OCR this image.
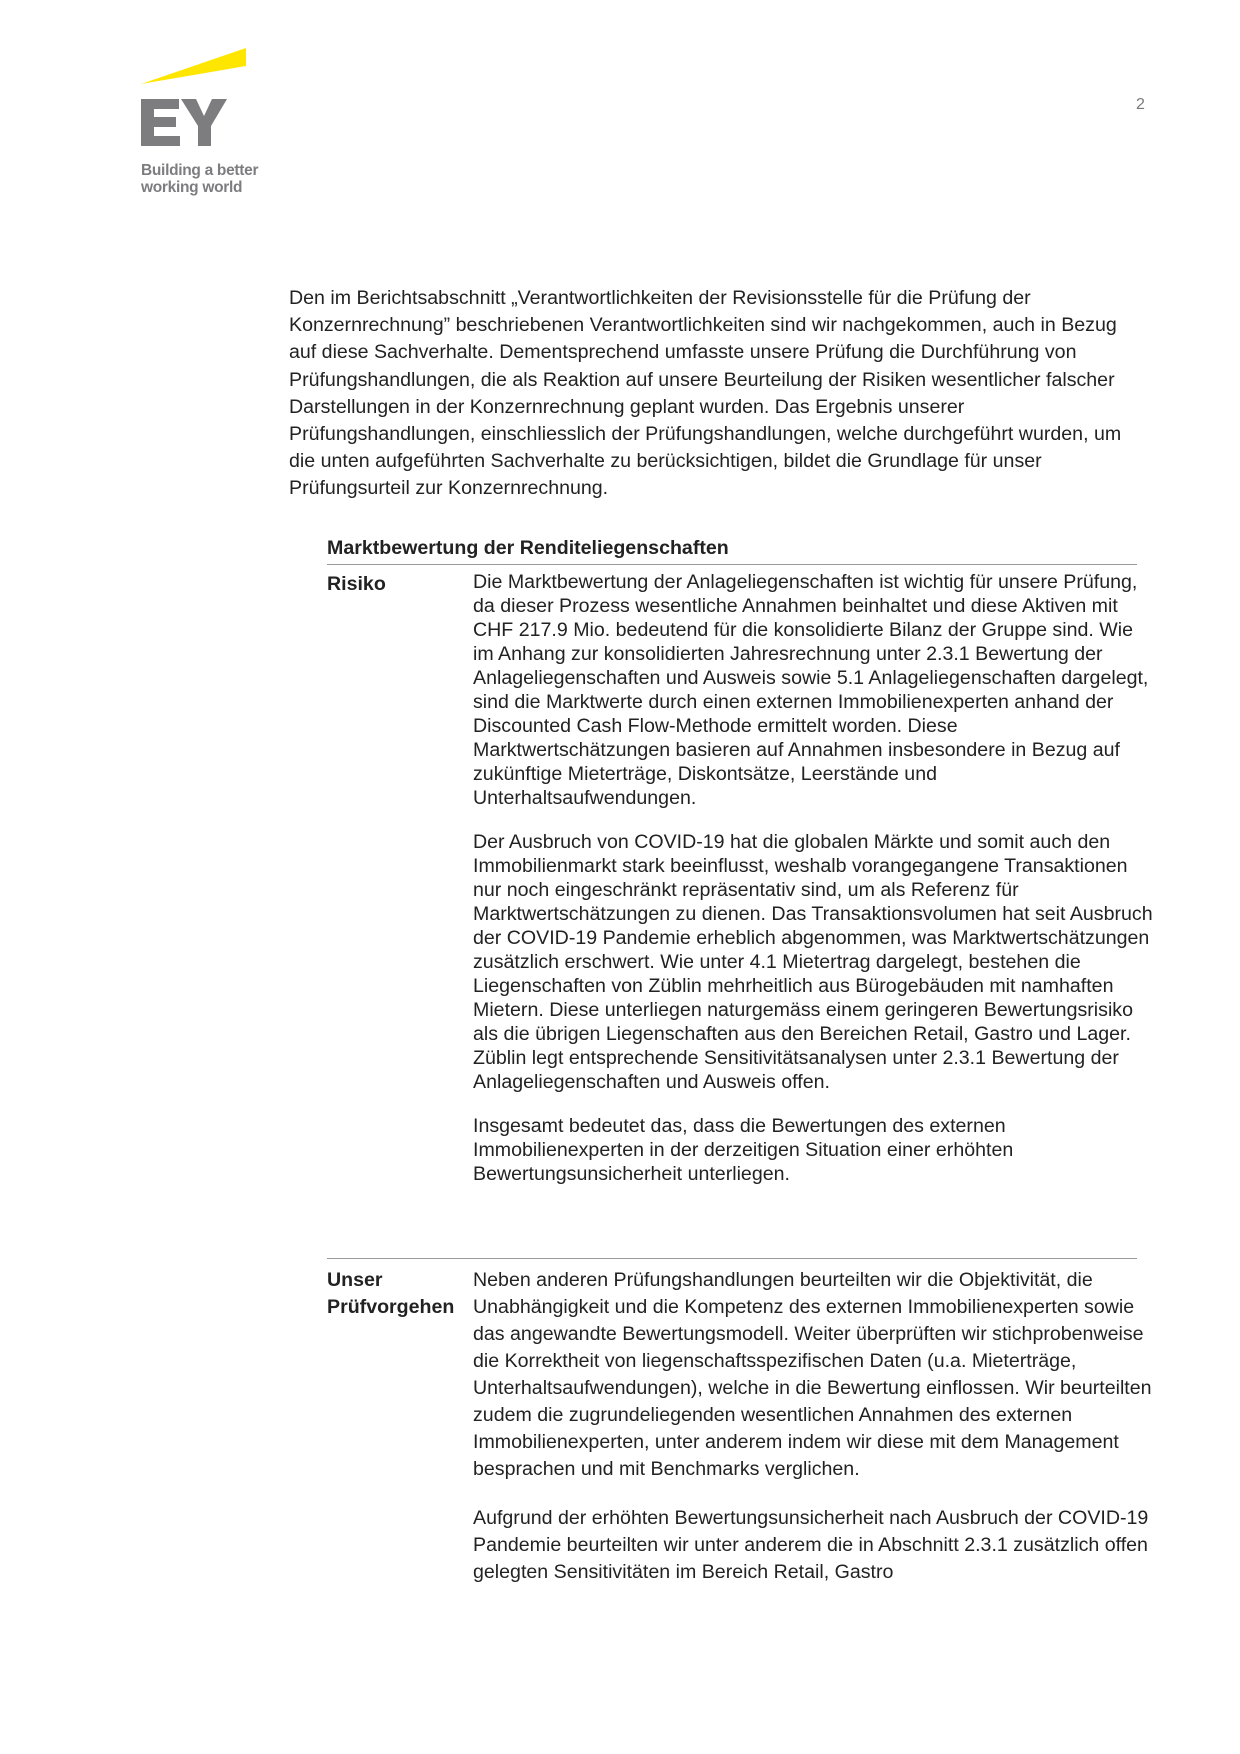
Building a better
working world
2

Den im Berichtsabschnitt „Verantwortlichkeiten der Revisionsstelle für die Prüfung der Konzernrechnung” beschriebenen Verantwortlichkeiten sind wir nachgekommen, auch in Bezug auf diese Sachverhalte. Dementsprechend umfasste unsere Prüfung die Durchführung von Prüfungshandlungen, die als Reaktion auf unsere Beurteilung der Risiken wesentlicher falscher Darstellungen in der Konzernrechnung geplant wurden. Das Ergebnis unserer Prüfungshandlungen, einschliesslich der Prüfungshandlungen, welche durchgeführt wurden, um die unten aufgeführten Sachverhalte zu berücksichtigen, bildet die Grundlage für unser Prüfungsurteil zur Konzernrechnung.

Marktbewertung der Renditeliegenschaften
Risiko	Die Marktbewertung der Anlageliegenschaften ist wichtig für unsere Prüfung, da dieser Prozess wesentliche Annahmen beinhaltet und diese Aktiven mit CHF 217.9 Mio. bedeutend für die konsolidierte Bilanz der Gruppe sind. Wie im Anhang zur konsolidierten Jahresrechnung unter 2.3.1 Bewertung der Anlageliegenschaften und Ausweis sowie 5.1 Anlageliegenschaften dargelegt, sind die Marktwerte durch einen externen Immobilienexperten anhand der Discounted Cash Flow-Methode ermittelt worden. Diese Marktwertschätzungen basieren auf Annahmen insbesondere in Bezug auf zukünftige Mieterträge, Diskontsätze, Leerstände und Unterhaltsaufwendungen.

Der Ausbruch von COVID-19 hat die globalen Märkte und somit auch den Immobilienmarkt stark beeinflusst, weshalb vorangegangene Transaktionen nur noch eingeschränkt repräsentativ sind, um als Referenz für Marktwertschätzungen zu dienen. Das Transaktionsvolumen hat seit Ausbruch der COVID-19 Pandemie erheblich abgenommen, was Marktwertschätzungen zusätzlich erschwert. Wie unter 4.1 Mietertrag dargelegt, bestehen die Liegenschaften von Züblin mehrheitlich aus Bürogebäuden mit namhaften Mietern. Diese unterliegen naturgemäss einem geringeren Bewertungsrisiko als die übrigen Liegenschaften aus den Bereichen Retail, Gastro und Lager. Züblin legt entsprechende Sensitivitätsanalysen unter 2.3.1 Bewertung der Anlageliegenschaften und Ausweis offen.

Insgesamt bedeutet das, dass die Bewertungen des externen Immobilienexperten in der derzeitigen Situation einer erhöhten Bewertungsunsicherheit unterliegen.

Unser
Prüfvorgehen

Neben anderen Prüfungshandlungen beurteilten wir die Objektivität, die Unabhängigkeit und die Kompetenz des externen Immobilienexperten sowie das angewandte Bewertungsmodell. Weiter überprüften wir stichprobenweise die Korrektheit von liegenschaftsspezifischen Daten (u.a. Mieterträge, Unterhaltsaufwendungen), welche in die Bewertung einflossen. Wir beurteilten zudem die zugrundeliegenden wesentlichen Annahmen des externen Immobilienexperten, unter anderem indem wir diese mit dem Management besprachen und mit Benchmarks verglichen.

Aufgrund der erhöhten Bewertungsunsicherheit nach Ausbruch der COVID-19 Pandemie beurteilten wir unter anderem die in Abschnitt 2.3.1 zusätzlich offen gelegten Sensitivitäten im Bereich Retail, Gastro
